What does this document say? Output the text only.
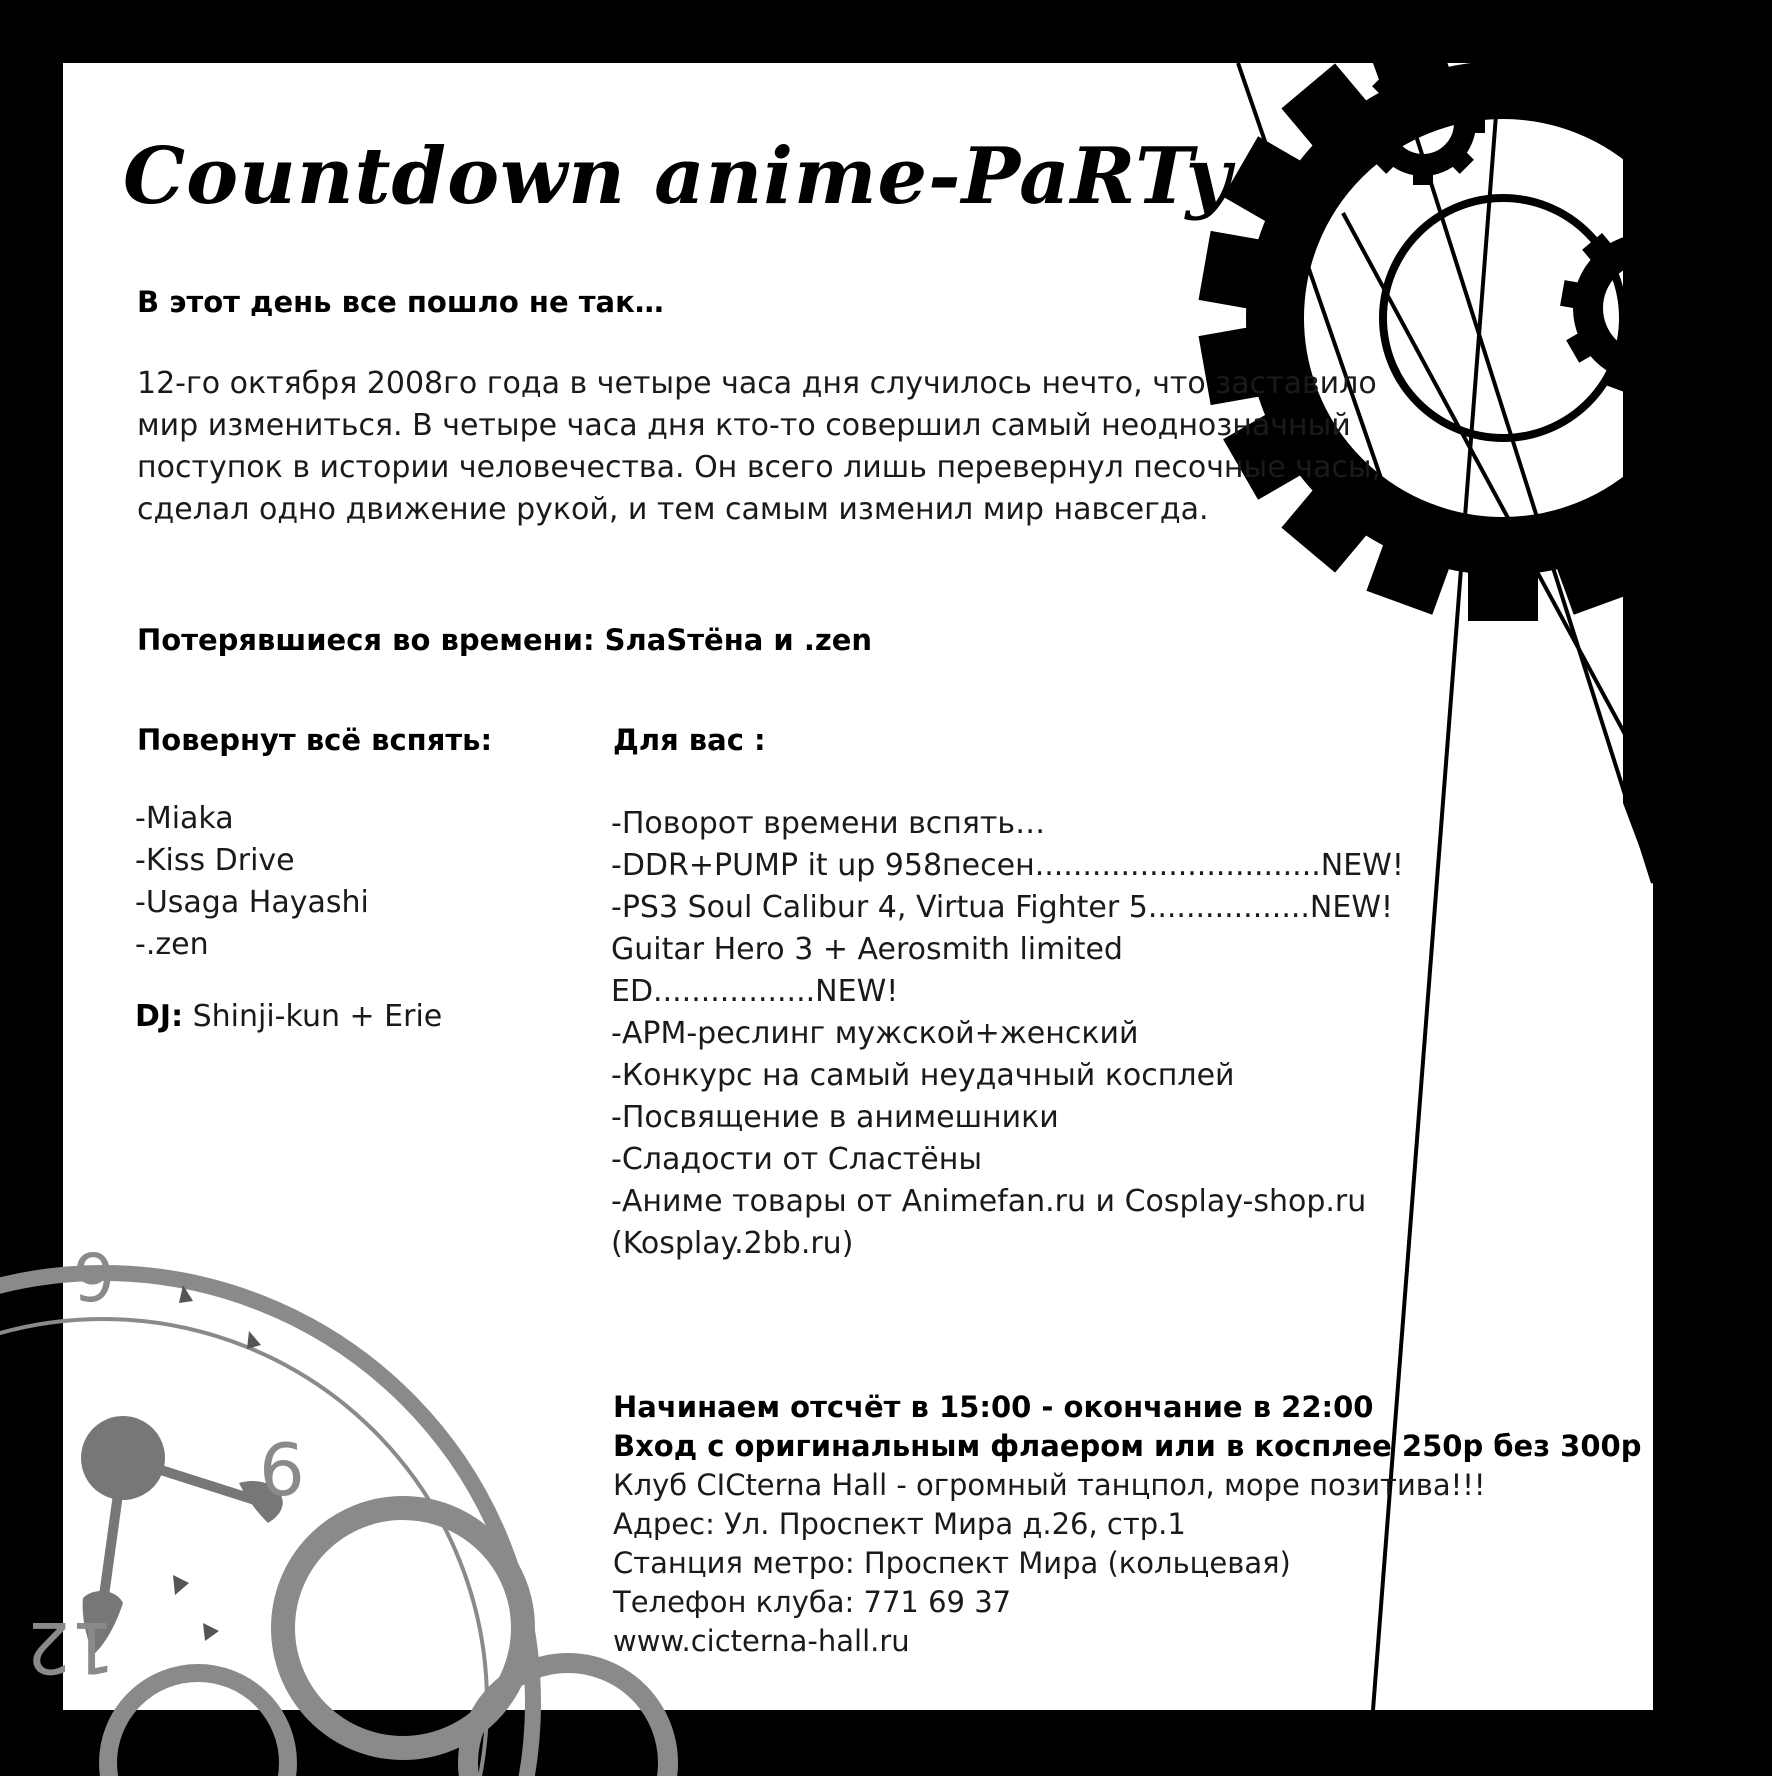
9
6
12
Countdown anime-PaRTy
В этот день все пошло не так…
12-го октября 2008го года в четыре часа дня случилось нечто, что заставило мир измениться. В четыре часа дня кто-то совершил самый неоднозначный поступок в истории человечества. Он всего лишь перевернул песочные часы, сделал одно движение рукой, и тем самым изменил мир навсегда.
Потерявшиеся во времени: SлaSтёна и .zen
Повернут всё вспять:
-Miaka
-Kiss Drive
-Usaga Hayashi
-.zen
DJ: Shinji-kun + Erie
Для вас :
-Поворот времени вспять…
-DDR+PUMP it up 958песен..............................NEW!
-PS3 Soul Calibur 4, Virtua Fighter 5.................NEW!
Guitar Hero 3 + Aerosmith limited ED.................NEW!
-АРМ-реслинг мужской+женский
-Конкурс на самый неудачный косплей
-Посвящение в анимешники
-Сладости от Сластёны
-Аниме товары от Animefan.ru и Cosplay-shop.ru (Kosplay.2bb.ru)
Начинаем отсчёт в 15:00 - окончание в 22:00
Вход с оригинальным флаером или в косплее 250р без 300р
Клуб CICterna Hall - огромный танцпол, море позитива!!!
Адрес: Ул. Проспект Мира д.26, стр.1
Станция метро: Проспект Мира (кольцевая)
Телефон клуба: 771 69 37
www.cicterna-hall.ru
